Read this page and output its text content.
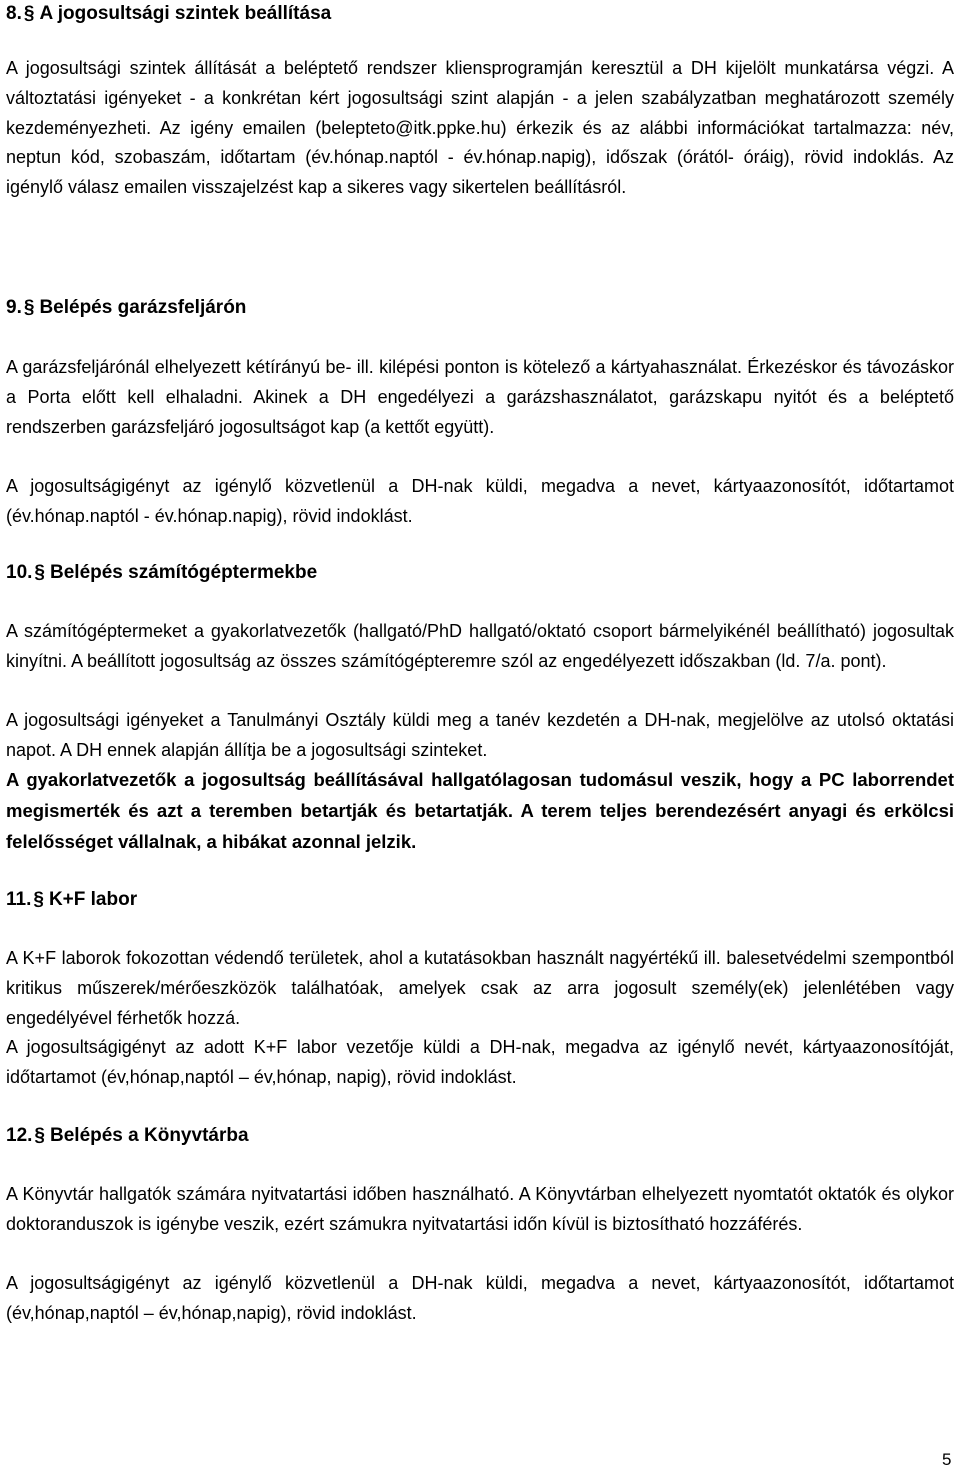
8. § A jogosultsági szintek beállítása

A jogosultsági szintek állítását a beléptető rendszer kliensprogramján keresztül a DH kijelölt munkatársa végzi. A változtatási igényeket - a konkrétan kért jogosultsági szint alapján - a jelen szabályzatban meghatározott személy kezdeményezheti. Az igény emailen (belepteto@itk.ppke.hu) érkezik és az alábbi információkat tartalmazza: név, neptun kód, szobaszám, időtartam (év.hónap.naptól - év.hónap.napig), időszak (órától- óráig), rövid indoklás. Az igénylő válasz emailen visszajelzést kap a sikeres vagy sikertelen beállításról.

9. § Belépés garázsfeljárón

A garázsfeljárónál elhelyezett kétírányú be- ill. kilépési ponton is kötelező a kártyahasználat. Érkezéskor és távozáskor a Porta előtt kell elhaladni. Akinek a DH engedélyezi a garázshasználatot, garázskapu nyitót és a beléptető rendszerben garázsfeljáró jogosultságot kap (a kettőt együtt).

A jogosultságigényt az igénylő közvetlenül a DH-nak küldi, megadva a nevet, kártyaazonosítót, időtartamot (év.hónap.naptól - év.hónap.napig), rövid indoklást.

10. § Belépés számítógéptermekbe

A számítógéptermeket a gyakorlatvezetők (hallgató/PhD hallgató/oktató csoport bármelyikénél beállítható) jogosultak kinyítni. A beállított jogosultság az összes számítógépteremre szól az engedélyezett időszakban (ld. 7/a. pont).

A jogosultsági igényeket a Tanulmányi Osztály küldi meg a tanév kezdetén a DH-nak, megjelölve az utolsó oktatási napot. A DH ennek alapján állítja be a jogosultsági szinteket.

A gyakorlatvezetők a jogosultság beállításával hallgatólagosan tudomásul veszik, hogy a PC laborrendet megismerték és azt a teremben betartják és betartatják. A terem teljes berendezésért anyagi és erkölcsi felelősséget vállalnak, a hibákat azonnal jelzik.

11. § K+F labor

A K+F laborok fokozottan védendő területek, ahol a kutatásokban használt nagyértékű ill. balesetvédelmi szempontból kritikus műszerek/mérőeszközök találhatóak, amelyek csak az arra jogosult személy(ek) jelenlétében vagy engedélyével férhetők hozzá.

A jogosultságigényt az adott K+F labor vezetője küldi a DH-nak, megadva az igénylő nevét, kártyaazonosítóját, időtartamot (év,hónap,naptól – év,hónap, napig), rövid indoklást.

12. § Belépés a Könyvtárba

A Könyvtár hallgatók számára nyitvatartási időben használható. A Könyvtárban elhelyezett nyomtatót oktatók és olykor doktoranduszok is igénybe veszik, ezért számukra nyitvatartási időn kívül is biztosítható hozzáférés.

A jogosultságigényt az igénylő közvetlenül a DH-nak küldi, megadva a nevet, kártyaazonosítót, időtartamot (év,hónap,naptól – év,hónap,napig), rövid indoklást.

5
